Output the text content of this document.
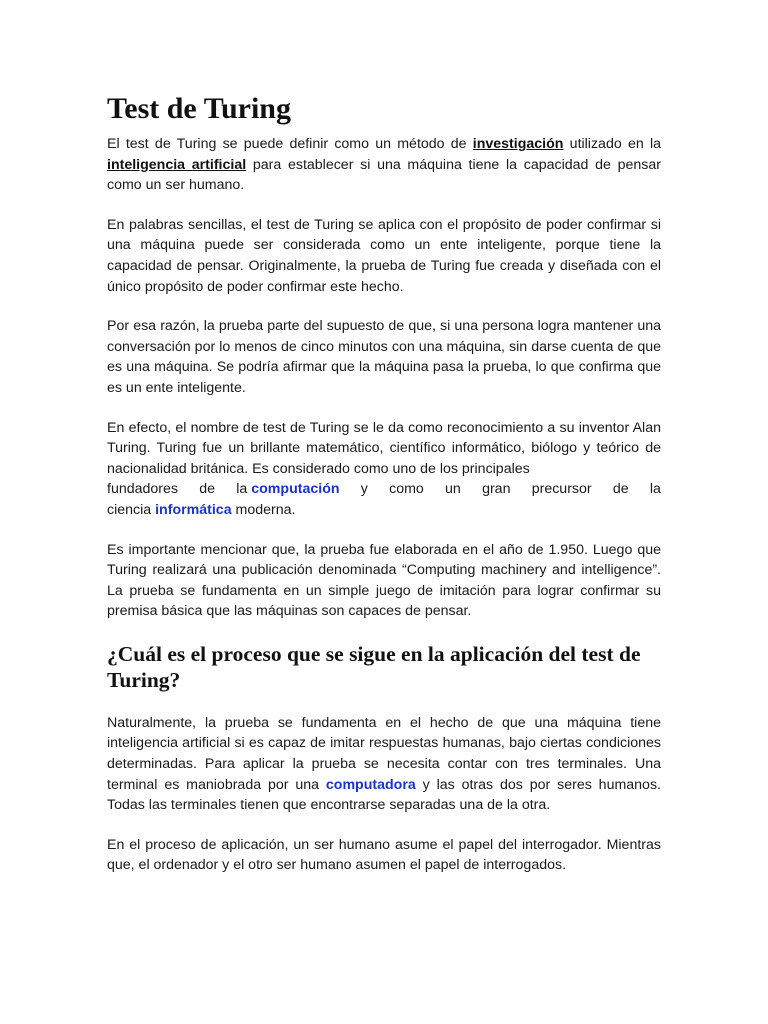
Test de Turing

El test de Turing se puede definir como un método de investigación utilizado en la inteligencia artificial para establecer si una máquina tiene la capacidad de pensar como un ser humano.

En palabras sencillas, el test de Turing se aplica con el propósito de poder confirmar si una máquina puede ser considerada como un ente inteligente, porque tiene la capacidad de pensar. Originalmente, la prueba de Turing fue creada y diseñada con el único propósito de poder confirmar este hecho.

Por esa razón, la prueba parte del supuesto de que, si una persona logra mantener una conversación por lo menos de cinco minutos con una máquina, sin darse cuenta de que es una máquina. Se podría afirmar que la máquina pasa la prueba, lo que confirma que es un ente inteligente.

En efecto, el nombre de test de Turing se le da como reconocimiento a su inventor Alan Turing. Turing fue un brillante matemático, científico informático, biólogo y teórico de nacionalidad británica. Es considerado como uno de los principales

fundadores de la computación y como un gran precursor de la

ciencia informática moderna.

Es importante mencionar que, la prueba fue elaborada en el año de 1.950. Luego que Turing realizará una publicación denominada “Computing machinery and intelligence”. La prueba se fundamenta en un simple juego de imitación para lograr confirmar su premisa básica que las máquinas son capaces de pensar.

¿Cuál es el proceso que se sigue en la aplicación del test de Turing?

Naturalmente, la prueba se fundamenta en el hecho de que una máquina tiene inteligencia artificial si es capaz de imitar respuestas humanas, bajo ciertas condiciones determinadas. Para aplicar la prueba se necesita contar con tres terminales. Una terminal es maniobrada por una computadora y las otras dos por seres humanos. Todas las terminales tienen que encontrarse separadas una de la otra.

En el proceso de aplicación, un ser humano asume el papel del interrogador. Mientras que, el ordenador y el otro ser humano asumen el papel de interrogados.
